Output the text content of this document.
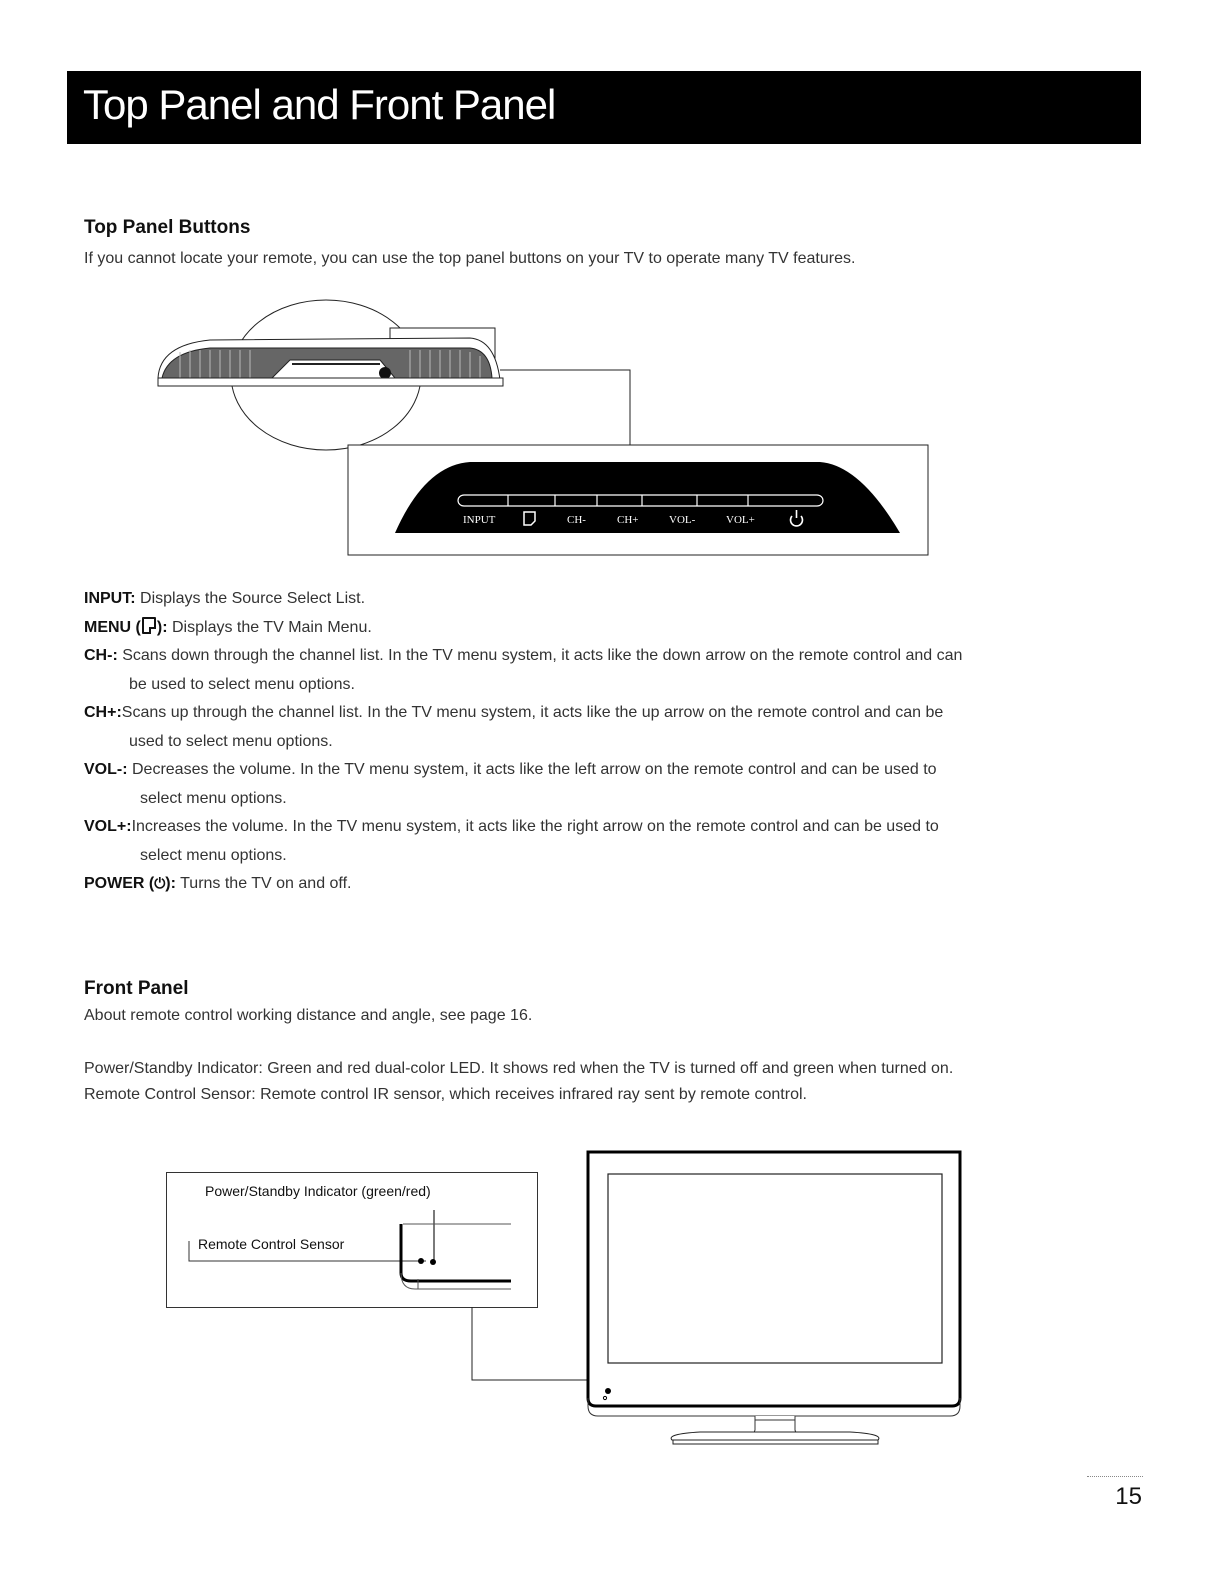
Top Panel and Front Panel
Top Panel Buttons

If you cannot locate your remote, you can use the top panel buttons on your TV to operate many TV features.

INPUT	CH-	CH+	VOL-	VOL+
INPUT: Displays the Source Select List.
MENU ( ): Displays the TV Main Menu.
CH-: Scans down through the channel list. In the TV menu system, it acts like the down arrow on the remote control and can
be used to select menu options.
CH+:Scans up through the channel list. In the TV menu system, it acts like the up arrow on the remote control and can be
used to select menu options.
VOL-: Decreases the volume. In the TV menu system, it acts like the left arrow on the remote control and can be used to
select menu options.
VOL+:Increases the volume. In the TV menu system, it acts like the right arrow on the remote control and can be used to
select menu options.
POWER (⏻): Turns the TV on and off.
Front Panel

About remote control working distance and angle, see page 16.

Power/Standby Indicator: Green and red dual-color LED. It shows red when the TV is turned off and green when turned on.

Remote Control Sensor: Remote control IR sensor, which receives infrared ray sent by remote control.

Power/Standby Indicator (green/red)
Remote Control Sensor
15
